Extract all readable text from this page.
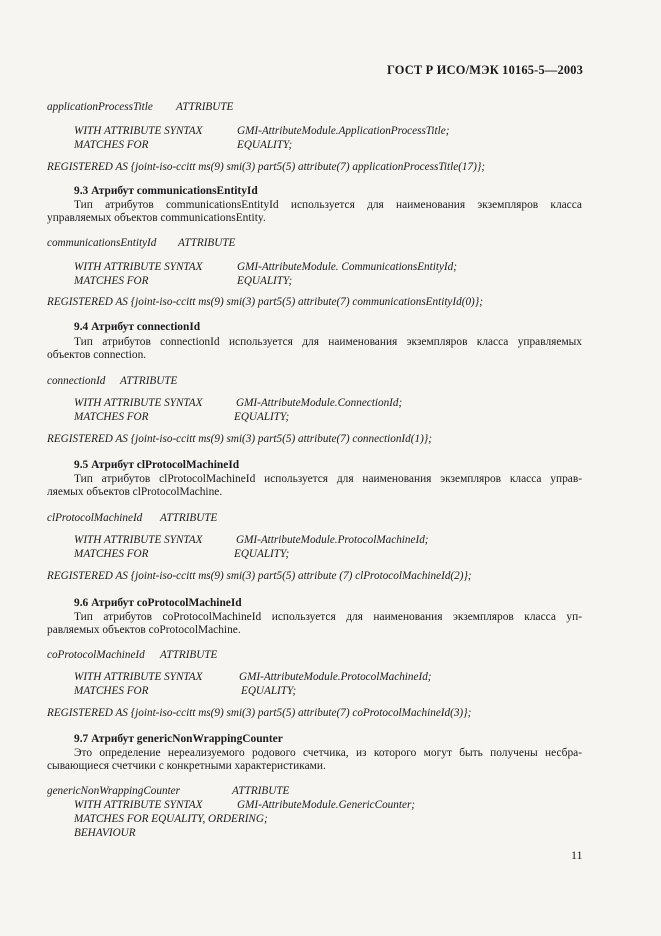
ГОСТ Р ИСО/МЭК 10165-5—2003
applicationProcessTitle ATTRIBUTE
WITH ATTRIBUTE SYNTAX	GMI-AttributeModule.ApplicationProcessTitle;
MATCHES FOR	EQUALITY;
REGISTERED AS {joint-iso-ccitt ms(9) smi(3) part5(5) attribute(7) applicationProcessTitle(17)};
9.3 Атрибут communicationsEntityId
Тип атрибутов communicationsEntityId используется для наименования экземпляров класса
управляемых объектов communicationsEntity.
communicationsEntityId ATTRIBUTE
WITH ATTRIBUTE SYNTAX	GMI-AttributeModule. CommunicationsEntityId;
MATCHES FOR	EQUALITY;
REGISTERED AS {joint-iso-ccitt ms(9) smi(3) part5(5) attribute(7) communicationsEntityId(0)};
9.4 Атрибут connectionId
Тип атрибутов connectionId используется для наименования экземпляров класса управляемых
объектов connection.
connectionId ATTRIBUTE
WITH ATTRIBUTE SYNTAX	GMI-AttributeModule.ConnectionId;
MATCHES FOR	EQUALITY;
REGISTERED AS {joint-iso-ccitt ms(9) smi(3) part5(5) attribute(7) connectionId(1)};
9.5 Атрибут clProtocolMachineId
Тип атрибутов clProtocolMachineId используется для наименования экземпляров класса управ-
ляемых объектов clProtocolMachine.
clProtocolMachineId ATTRIBUTE
WITH ATTRIBUTE SYNTAX	GMI-AttributeModule.ProtocolMachineId;
MATCHES FOR	EQUALITY;
REGISTERED AS {joint-iso-ccitt ms(9) smi(3) part5(5) attribute (7) clProtocolMachineId(2)};
9.6 Атрибут coProtocolMachineId
Тип атрибутов coProtocolMachineId используется для наименования экземпляров класса уп-
равляемых объектов coProtocolMachine.
coProtocolMachineId ATTRIBUTE
WITH ATTRIBUTE SYNTAX	GMI-AttributeModule.ProtocolMachineId;
MATCHES FOR	EQUALITY;
REGISTERED AS {joint-iso-ccitt ms(9) smi(3) part5(5) attribute(7) coProtocolMachineId(3)};
9.7 Атрибут genericNonWrappingCounter
Это определение нереализуемого родового счетчика, из которого могут быть получены несбра-
сывающиеся счетчики с конкретными характеристиками.
genericNonWrappingCounter	ATTRIBUTE
WITH ATTRIBUTE SYNTAX	GMI-AttributeModule.GenericCounter;
MATCHES FOR EQUALITY, ORDERING;
BEHAVIOUR
11
